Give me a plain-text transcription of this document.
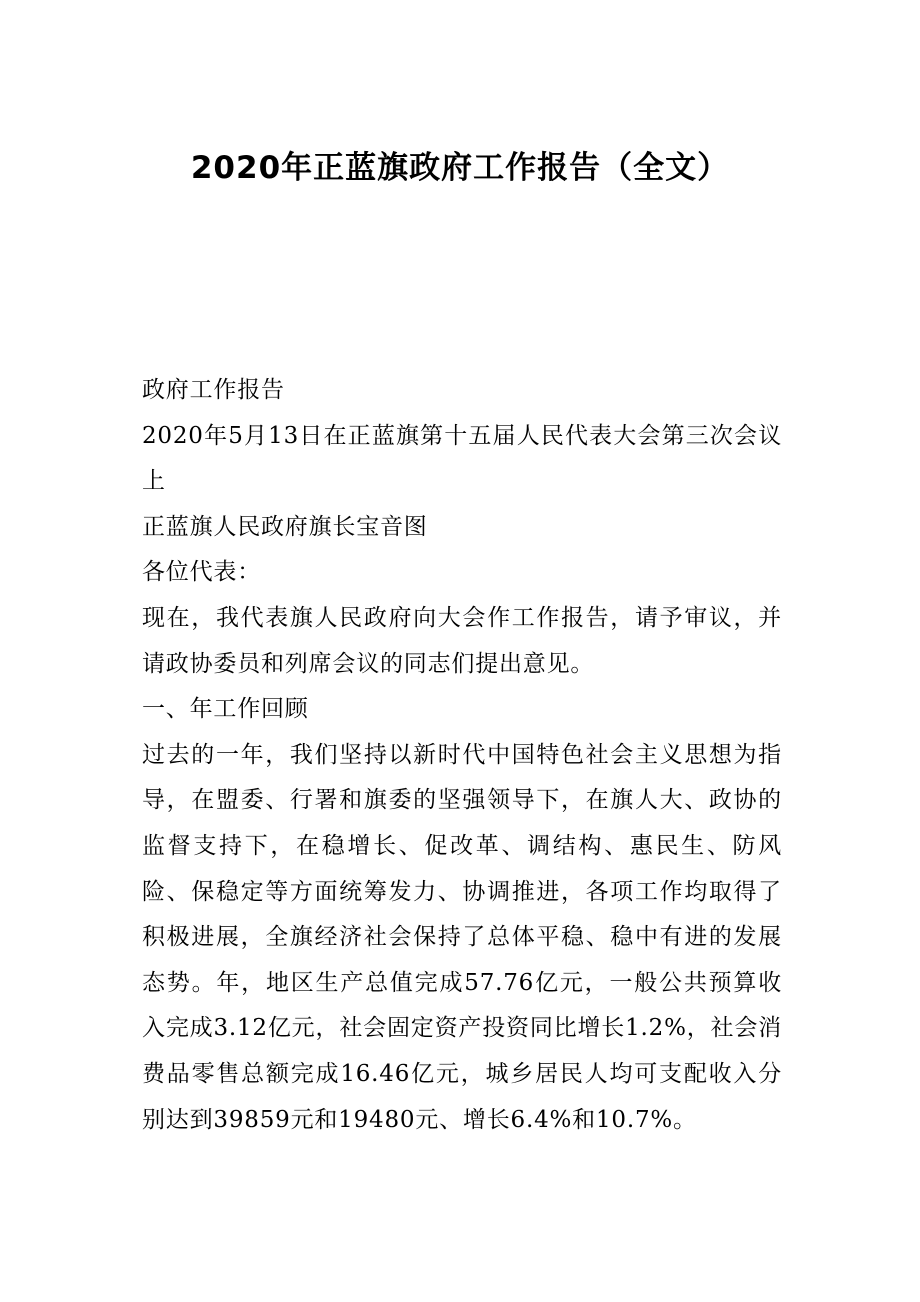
2020年正蓝旗政府工作报告（全文）

政府工作报告

2020年5月13日在正蓝旗第十五届人民代表大会第三次会议上

正蓝旗人民政府旗长宝音图

各位代表：

现在，我代表旗人民政府向大会作工作报告，请予审议，并请政协委员和列席会议的同志们提出意见。

一、年工作回顾

过去的一年，我们坚持以新时代中国特色社会主义思想为指导，在盟委、行署和旗委的坚强领导下，在旗人大、政协的监督支持下，在稳增长、促改革、调结构、惠民生、防风险、保稳定等方面统筹发力、协调推进，各项工作均取得了积极进展，全旗经济社会保持了总体平稳、稳中有进的发展态势。年，地区生产总值完成57.76亿元，一般公共预算收入完成3.12亿元，社会固定资产投资同比增长1.2%，社会消费品零售总额完成16.46亿元，城乡居民人均可支配收入分别达到39859元和19480元、增长6.4%和10.7%。
